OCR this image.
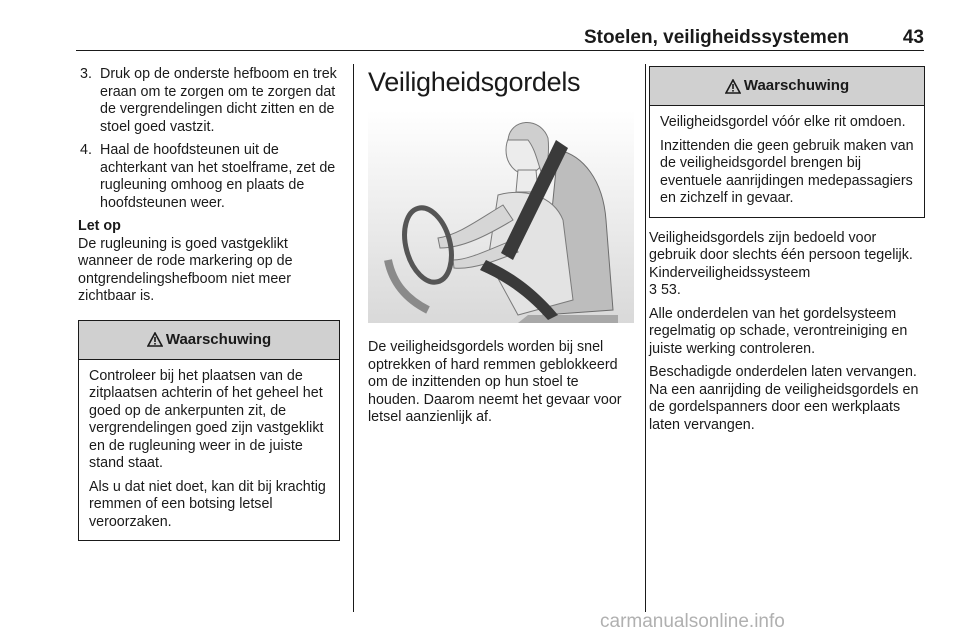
Stoelen, veiligheidssystemen	43
3. Druk op de onderste hefboom en trek eraan om te zorgen om te zorgen dat de vergrendelingen dicht zitten en de stoel goed vastzit.
4. Haal de hoofdsteunen uit de achterkant van het stoelframe, zet de rugleuning omhoog en plaats de hoofdsteunen weer.
Let op
De rugleuning is goed vastgeklikt wanneer de rode markering op de ontgrendelingshefboom niet meer zichtbaar is.
Waarschuwing

Controleer bij het plaatsen van de zitplaatsen achterin of het geheel het goed op de ankerpunten zit, de vergrendelingen goed zijn vastgeklikt en de rugleuning weer in de juiste stand staat.

Als u dat niet doet, kan dit bij krachtig remmen of een botsing letsel veroorzaken.

Veiligheidsgordels
De veiligheidsgordels worden bij snel optrekken of hard remmen geblokkeerd om de inzittenden op hun stoel te houden. Daarom neemt het gevaar voor letsel aanzienlijk af.
Waarschuwing

Veiligheidsgordel vóór elke rit omdoen.

Inzittenden die geen gebruik maken van de veiligheidsgordel brengen bij eventuele aanrijdingen medepassagiers en zichzelf in gevaar.

Veiligheidsgordels zijn bedoeld voor gebruik door slechts één persoon tegelijk. Kinderveiligheidssysteem
3 53.

Alle onderdelen van het gordelsysteem regelmatig op schade, verontreiniging en juiste werking controleren.

Beschadigde onderdelen laten vervangen. Na een aanrijding de veiligheidsgordels en de gordelspanners door een werkplaats laten vervangen.

carmanualsonline.info
